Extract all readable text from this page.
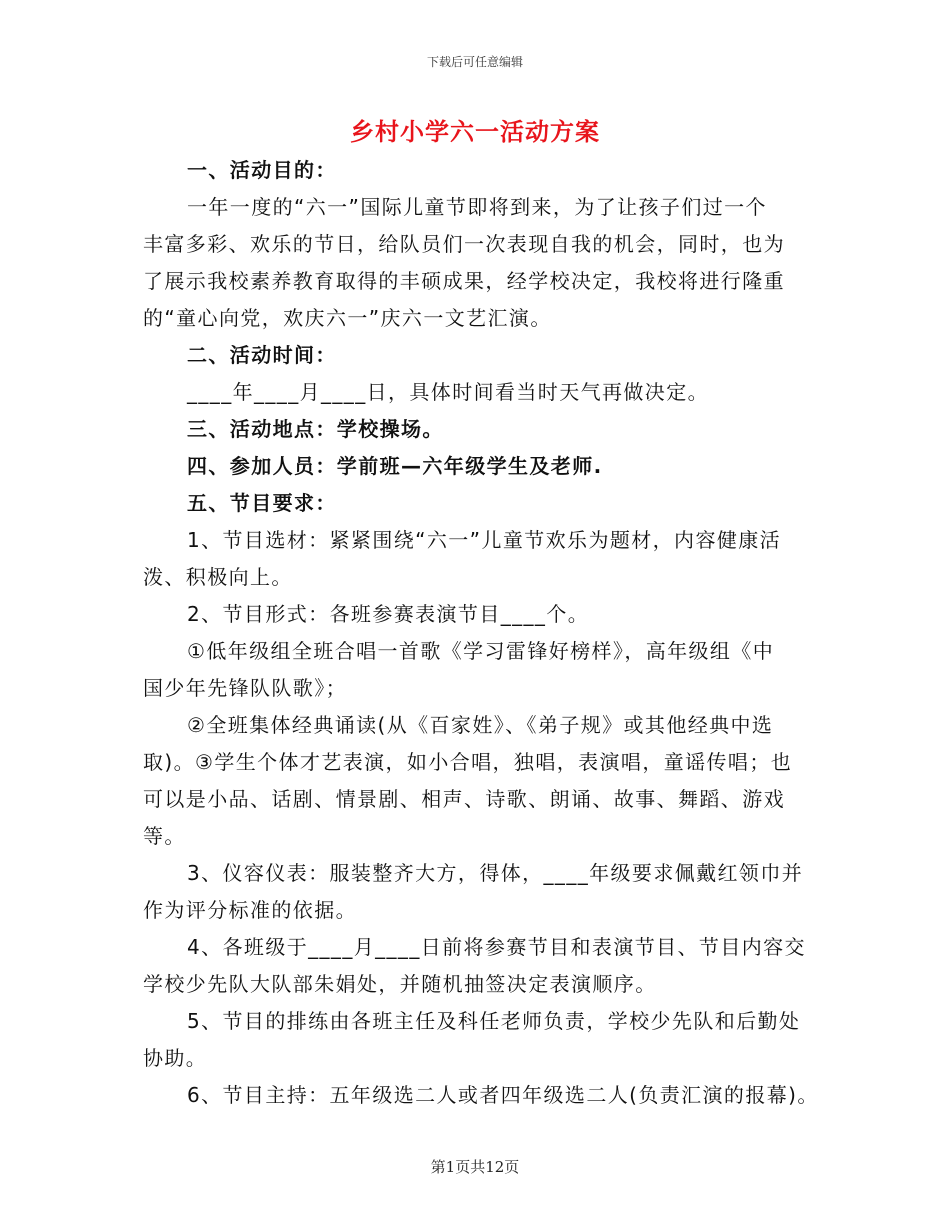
下载后可任意编辑
乡村小学六一活动方案
一、活动目的：
一年一度的“六一”国际儿童节即将到来，为了让孩子们过一个
丰富多彩、欢乐的节日，给队员们一次表现自我的机会，同时，也为
了展示我校素养教育取得的丰硕成果，经学校决定，我校将进行隆重
的“童心向党，欢庆六一”庆六一文艺汇演。
二、活动时间：
____年____月____日，具体时间看当时天气再做决定。
三、活动地点：学校操场。
四、参加人员：学前班—六年级学生及老师.
五、节目要求：
1、节目选材：紧紧围绕“六一”儿童节欢乐为题材，内容健康活
泼、积极向上。
2、节目形式：各班参赛表演节目____个。
①低年级组全班合唱一首歌《学习雷锋好榜样》，高年级组《中
国少年先锋队队歌》；
②全班集体经典诵读(从《百家姓》、《弟子规》或其他经典中选
取)。③学生个体才艺表演，如小合唱，独唱，表演唱，童谣传唱；也
可以是小品、话剧、情景剧、相声、诗歌、朗诵、故事、舞蹈、游戏
等。
3、仪容仪表：服装整齐大方，得体，____年级要求佩戴红领巾并
作为评分标准的依据。
4、各班级于____月____日前将参赛节目和表演节目、节目内容交
学校少先队大队部朱娟处，并随机抽签决定表演顺序。
5、节目的排练由各班主任及科任老师负责，学校少先队和后勤处
协助。
6、节目主持：五年级选二人或者四年级选二人(负责汇演的报幕)。
第1页共12页
